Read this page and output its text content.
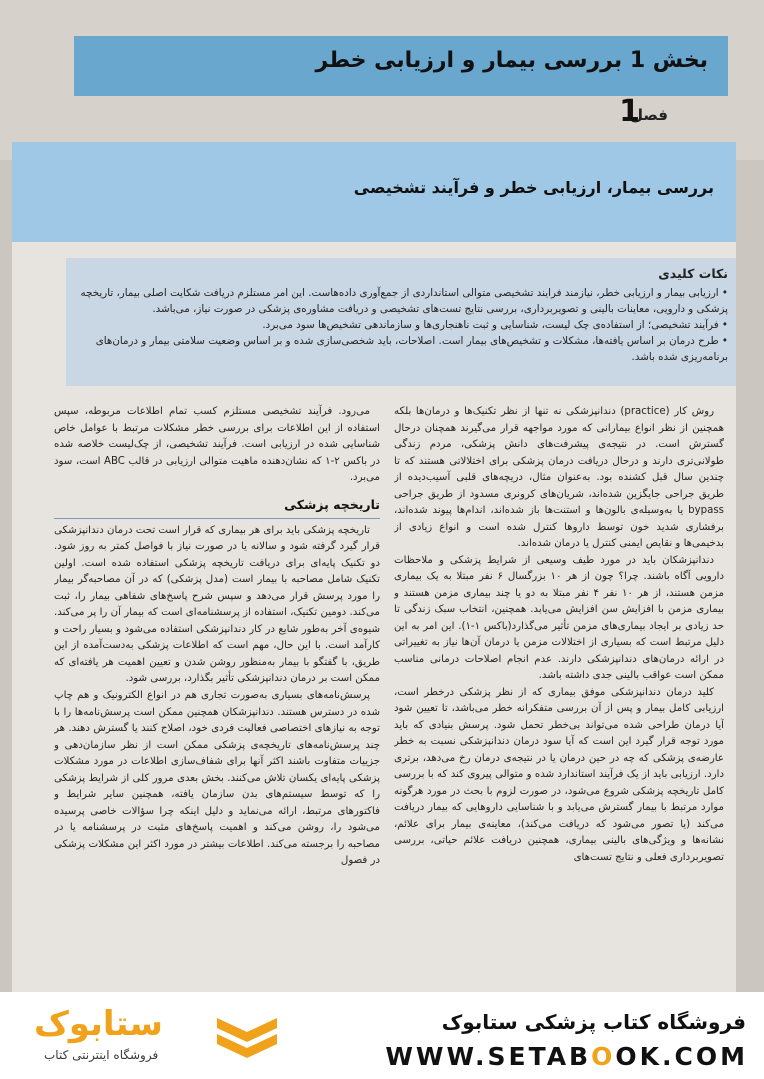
بخش 1 بررسی بیمار و ارزیابی خطر
فصل
1
بررسی بیمار، ارزیابی خطر و فرآیند تشخیصی
نکات کلیدی

• ارزیابی بیمار و ارزیابی خطر، نیازمند فرایند تشخیصی متوالی استانداردی از جمع‌آوری داده‌هاست. این امر مستلزم دریافت شکایت اصلی بیمار، تاریخچه پزشکی و دارویی، معاینات بالینی و تصویربرداری، بررسی نتایج تست‌های تشخیصی و دریافت مشاوره‌ی پزشکی در صورت نیاز، می‌باشد.

• فرآیند تشخیصی؛ از استفاده‌ی چک لیست، شناسایی و ثبت ناهنجاری‌ها و سازماندهی تشخیص‌ها سود می‌برد.

• طرح درمان بر اساس یافته‌ها، مشکلات و تشخیص‌های بیمار است. اصلاحات، باید شخصی‌سازی شده و بر اساس وضعیت سلامتی بیمار و درمان‌های برنامه‌ریزی شده باشد.

روش کار (practice) دندانپزشکی نه تنها از نظر تکنیک‌ها و درمان‌ها بلکه همچنین از نظر انواع بیمارانی که مورد مواجهه قرار می‌گیرند همچنان درحال گسترش است. در نتیجه‌ی پیشرفت‌های دانش پزشکی، مردم زندگی طولانی‌تری دارند و درحال دریافت درمان پزشکی برای اختلالاتی هستند که تا چندین سال قبل کشنده بود. به‌عنوان مثال، دریچه‌های قلبی آسیب‌دیده از طریق جراحی جایگزین شده‌اند، شریان‌های کرونری مسدود از طریق جراحی bypass یا به‌وسیله‌ی بالون‌ها و استنت‌ها باز شده‌اند، اندام‌ها پیوند شده‌اند، برفشاری شدید خون توسط داروها کنترل شده است و انواع زیادی از بدخیمی‌ها و نقایص ایمنی کنترل یا درمان شده‌اند.

دندانپزشکان باید در مورد طیف وسیعی از شرایط پزشکی و ملاحظات دارویی آگاه باشند. چرا؟ چون از هر ۱۰ بزرگسال ۶ نفر مبتلا به یک بیماری مزمن هستند، از هر ۱۰ نفر ۴ نفر مبتلا به دو یا چند بیماری مزمن هستند و بیماری مزمن با افزایش سن افزایش می‌یابد. همچنین، انتخاب سبک زندگی تا حد زیادی بر ایجاد بیماری‌های مزمن تأثیر می‌گذارد(باکس ۱-۱). این امر به این دلیل مرتبط است که بسیاری از اختلالات مزمن یا درمان آن‌ها نیاز به تغییراتی در ارائه درمان‌های دندانپزشکی دارند. عدم انجام اصلاحات درمانی مناسب ممکن است عواقب بالینی جدی داشته باشد.

کلید درمان دندانپزشکی موفق بیماری که از نظر پزشکی درخطر است، ارزیابی کامل بیمار و پس از آن بررسی متفکرانه خطر می‌باشد، تا تعیین شود آیا درمان طراحی شده می‌تواند بی‌خطر تحمل شود. پرسش بنیادی که باید مورد توجه قرار گیرد این است که آیا سود درمان دندانپزشکی نسبت به خطر عارضه‌ی پزشکی که چه در حین درمان یا در نتیجه‌ی درمان رخ می‌دهد، برتری دارد. ارزیابی باید از یک فرآیند استاندارد شده و متوالی پیروی کند که با بررسی کامل تاریخچه پزشکی شروع می‌شود، در صورت لزوم با بحث در مورد هرگونه موارد مرتبط با بیمار گسترش می‌یابد و با شناسایی داروهایی که بیمار دریافت می‌کند (یا تصور می‌شود که دریافت می‌کند)، معاینه‌ی بیمار برای علائم، نشانه‌ها و ویژگی‌های بالینی بیماری، همچنین دریافت علائم حیاتی، بررسی تصویربرداری فعلی و نتایج تست‌های

می‌رود. فرآیند تشخیصی مستلزم کسب تمام اطلاعات مربوطه، سپس استفاده از این اطلاعات برای بررسی خطر مشکلات مرتبط با عوامل خاص شناسایی شده در ارزیابی است. فرآیند تشخیصی، از چک‌لیست خلاصه شده در باکس ۲-۱ که نشان‌دهنده ماهیت متوالی ارزیابی در قالب ABC است، سود می‌برد.

تاریخچه پزشکی

تاریخچه پزشکی باید برای هر بیماری که قرار است تحت درمان دندانپزشکی قرار گیرد گرفته شود و سالانه یا در صورت نیاز با فواصل کمتر به روز شود. دو تکنیک پایه‌ای برای دریافت تاریخچه پزشکی استفاده شده است. اولین تکنیک شامل مصاحبه با بیمار است (مدل پزشکی) که در آن مصاحبه‌گر بیمار را مورد پرسش قرار می‌دهد و سپس شرح پاسخ‌های شفاهی بیمار را، ثبت می‌کند. دومین تکنیک، استفاده از پرسشنامه‌ای است که بیمار آن را پر می‌کند. شیوه‌ی آخر به‌طور شایع در کار دندانپزشکی استفاده می‌شود و بسیار راحت و کارآمد است. با این حال، مهم است که اطلاعات پزشکی به‌دست‌آمده از این طریق، با گفتگو با بیمار به‌منظور روشن شدن و تعیین اهمیت هر یافته‌ای که ممکن است بر درمان دندانپزشکی تأثیر بگذارد، بررسی شود.

پرسش‌نامه‌های بسیاری به‌صورت تجاری هم در انواع الکترونیک و هم چاپ شده در دسترس هستند. دندانپزشکان همچنین ممکن است پرسش‌نامه‌ها را با توجه به نیازهای اختصاصی فعالیت فردی خود، اصلاح کنند یا گسترش دهند. هر چند پرسش‌نامه‌های تاریخچه‌ی پزشکی ممکن است از نظر سازمان‌دهی و جزییات متفاوت باشند اکثر آنها برای شفاف‌سازی اطلاعات در مورد مشکلات پزشکی پایه‌ای یکسان تلاش می‌کنند. بخش بعدی مرور کلی از شرایط پزشکی را که توسط سیستم‌های بدن سازمان یافته، همچنین سایر شرایط و فاکتورهای مرتبط، ارائه می‌نماید و دلیل اینکه چرا سؤالات خاصی پرسیده می‌شود را، روشن می‌کند و اهمیت پاسخ‌های مثبت در پرسشنامه یا در مصاحبه را برجسته می‌کند. اطلاعات بیشتر در مورد اکثر این مشکلات پزشکی در فصول

ستابوک
فروشگاه اینترنتی کتاب
فروشگاه کتاب پزشکی ستابوک
WWW.SETABOOK.COM
